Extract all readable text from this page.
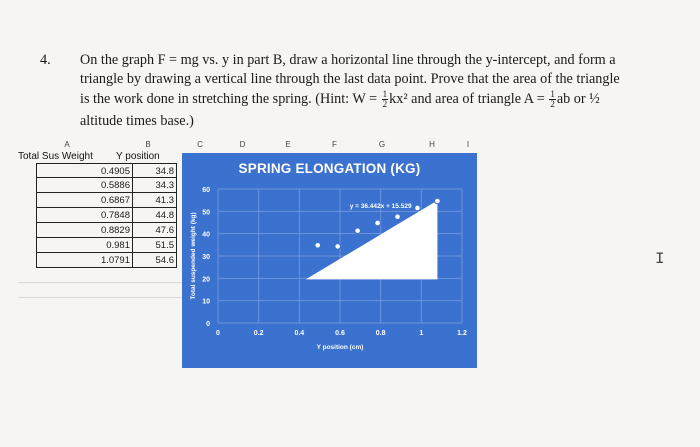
4. On the graph F = mg vs. y in part B, draw a horizontal line through the y-intercept, and form a
triangle by drawing a vertical line through the last data point. Prove that the area of the triangle
is the work done in stretching the spring. (Hint: $W = \frac{1}{2} kx^2$ and area of triangle $A = \frac{1}{2}$ ab or ½
altitude times base.)
A	B	C	D	E	F	G	H	I
Total Sus Weight Y position
0.4905	34.8
0.5886	34.3
0.6867	41.3
0.7848	44.8
0.8829	47.6
0.981	51.5
1.0791	54.6
SPRING ELONGATION (KG)
0
10
20
30
40
50
60
0	0.2	0.4	0.6	0.8	1	1.2
Y position (cm)
Total suspended weight (kg)
y = 36.442x + 15.529
I
